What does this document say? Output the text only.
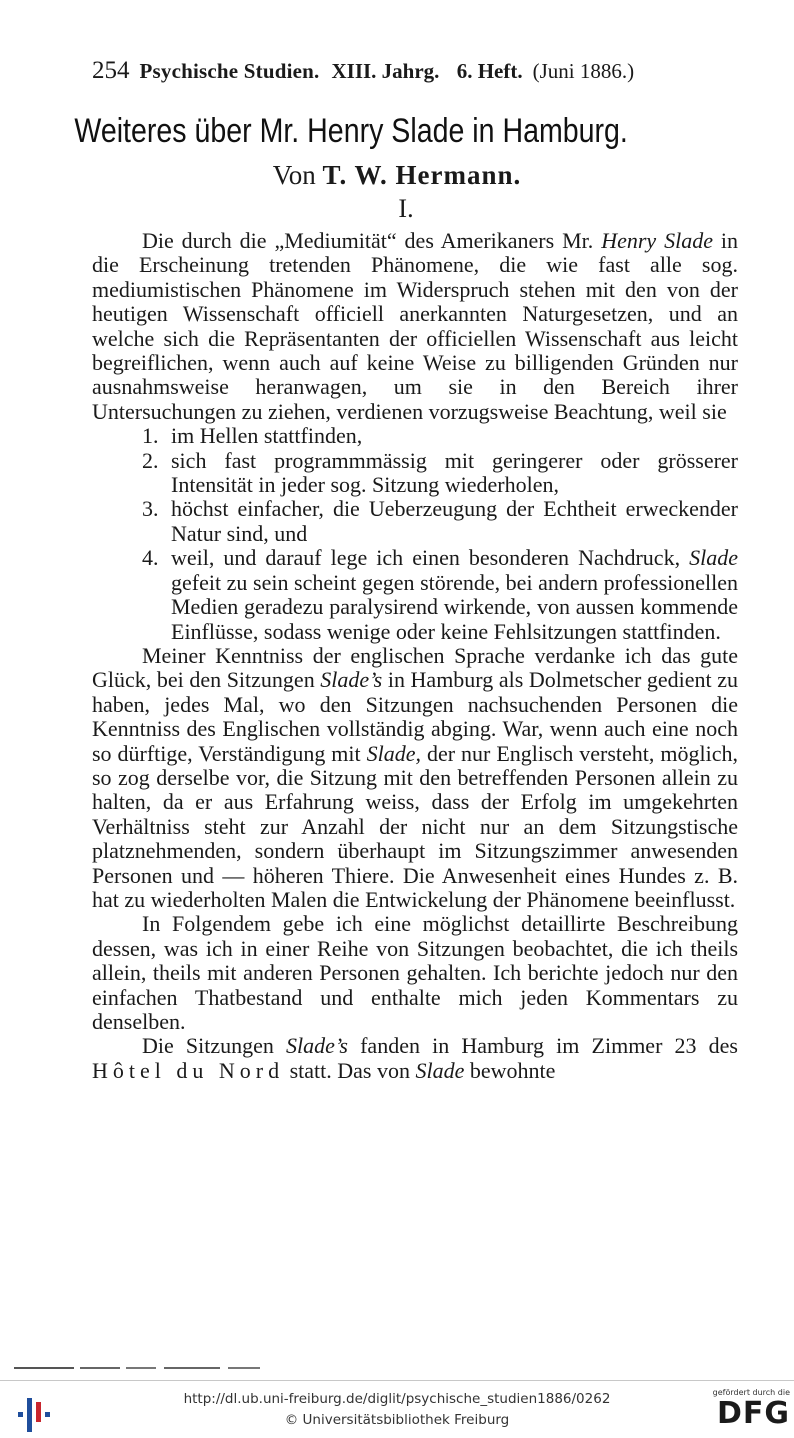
254 Psychische Studien. XIII. Jahrg. 6. Heft. (Juni 1886.)
Weiteres über Mr. Henry Slade in Hamburg.
Von T. W. Hermann.
I.

Die durch die „Mediumität“ des Amerikaners Mr. Henry Slade in die Erscheinung tretenden Phänomene, die wie fast alle sog. mediumistischen Phänomene im Widerspruch stehen mit den von der heutigen Wissenschaft officiell anerkannten Naturgesetzen, und an welche sich die Repräsentanten der officiellen Wissenschaft aus leicht begreiflichen, wenn auch auf keine Weise zu billigenden Gründen nur ausnahmsweise heranwagen, um sie in den Bereich ihrer Untersuchungen zu ziehen, verdienen vorzugsweise Beachtung, weil sie

1. im Hellen stattfinden,
2. sich fast programmmässig mit geringerer oder grösserer Intensität in jeder sog. Sitzung wiederholen,
3. höchst einfacher, die Ueberzeugung der Echtheit erweckender Natur sind, und
4. weil, und darauf lege ich einen besonderen Nachdruck, Slade gefeit zu sein scheint gegen störende, bei andern professionellen Medien geradezu paralysirend wirkende, von aussen kommende Einflüsse, sodass wenige oder keine Fehlsitzungen stattfinden.

Meiner Kenntniss der englischen Sprache verdanke ich das gute Glück, bei den Sitzungen Slade’s in Hamburg als Dolmetscher gedient zu haben, jedes Mal, wo den Sitzungen nachsuchenden Personen die Kenntniss des Englischen vollständig abging. War, wenn auch eine noch so dürftige, Verständigung mit Slade, der nur Englisch versteht, möglich, so zog derselbe vor, die Sitzung mit den betreffenden Personen allein zu halten, da er aus Erfahrung weiss, dass der Erfolg im umgekehrten Verhältniss steht zur Anzahl der nicht nur an dem Sitzungstische platznehmenden, sondern überhaupt im Sitzungszimmer anwesenden Personen und — höheren Thiere. Die Anwesenheit eines Hundes z. B. hat zu wiederholten Malen die Entwickelung der Phänomene beeinflusst.

In Folgendem gebe ich eine möglichst detaillirte Beschreibung dessen, was ich in einer Reihe von Sitzungen beobachtet, die ich theils allein, theils mit anderen Personen gehalten. Ich berichte jedoch nur den einfachen Thatbestand und enthalte mich jeden Kommentars zu denselben.

Die Sitzungen Slade’s fanden in Hamburg im Zimmer 23 des Hôtel du Nord statt. Das von Slade bewohnte

http://dl.ub.uni-freiburg.de/diglit/psychische_studien1886/0262
© Universitätsbibliothek Freiburg
gefördert durch die
DFG
